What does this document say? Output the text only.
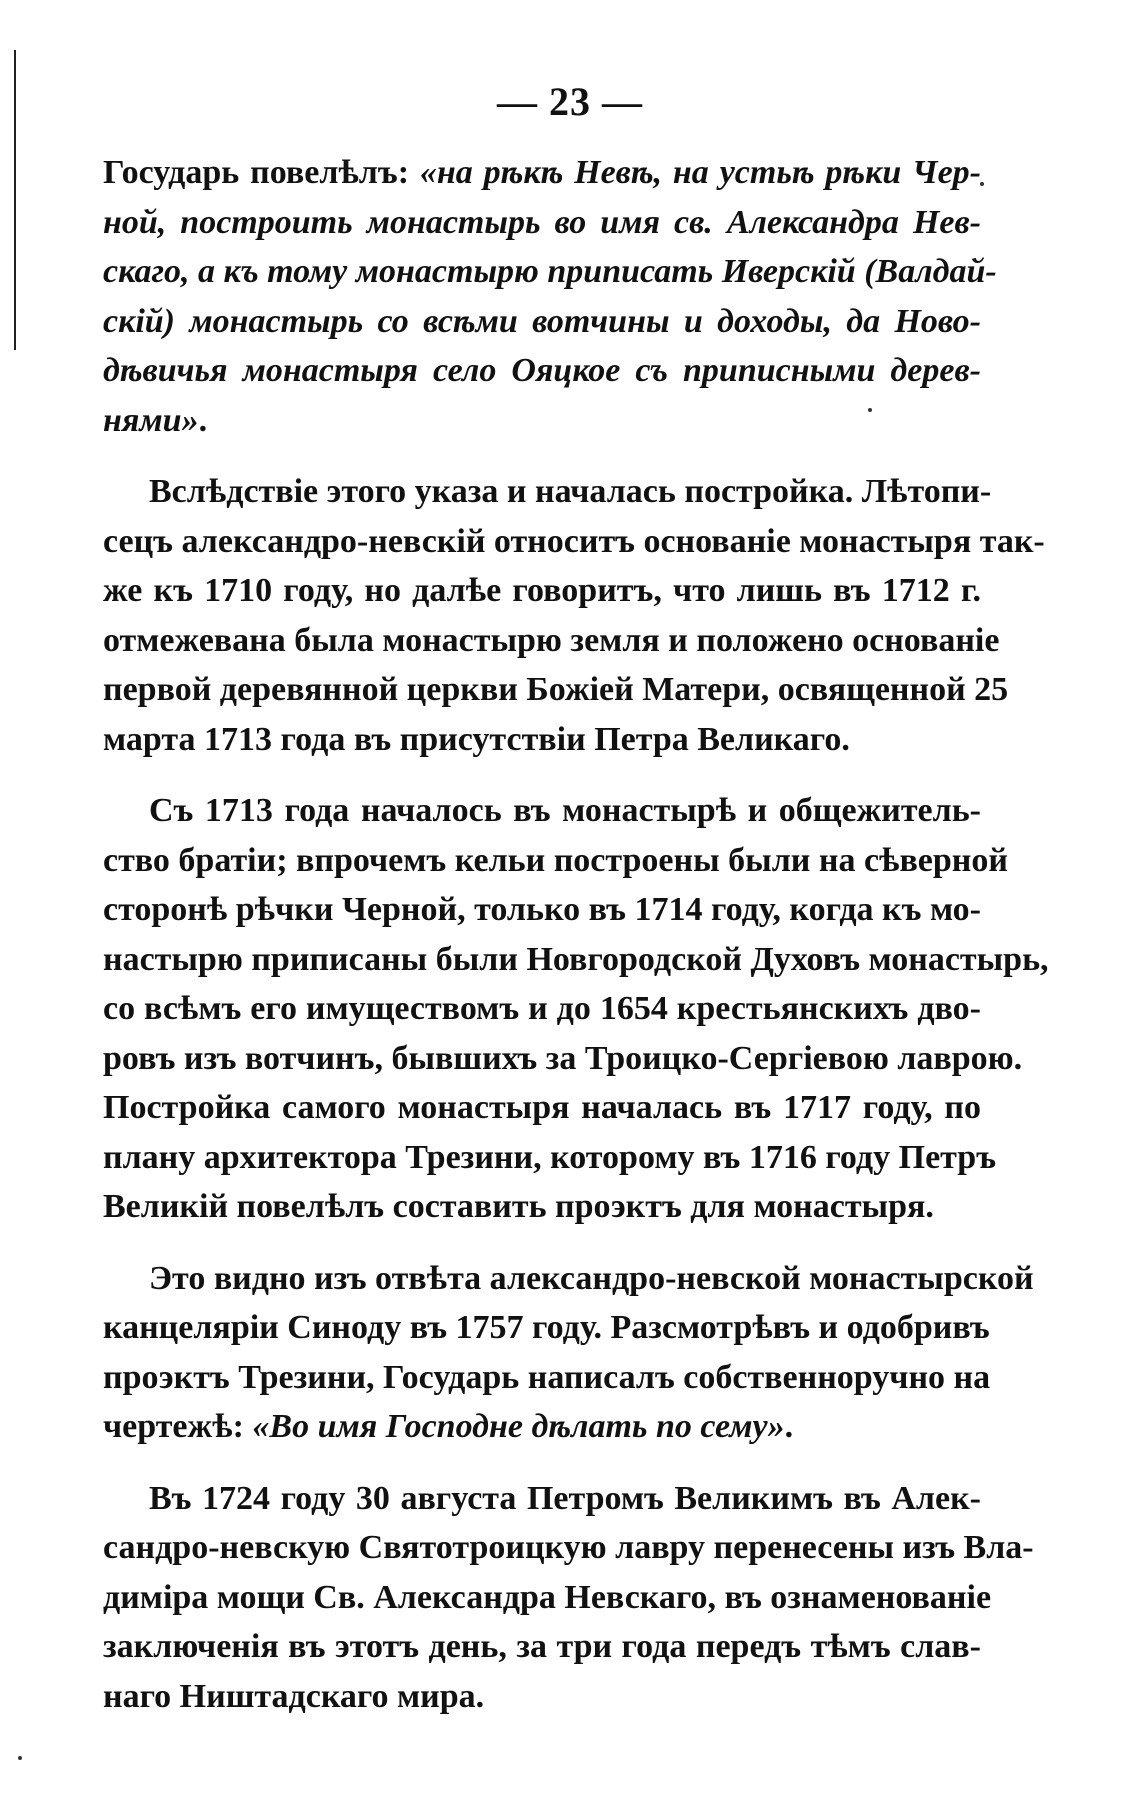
— 23 —

Государь повелѣлъ: «на рѣкѣ Невѣ, на устьѣ рѣки Чер-
ной, построить монастырь во имя св. Александра Нев-
скаго, а къ тому монастырю приписать Иверскій (Валдай-
скій) монастырь со всѣми вотчины и доходы, да Ново-
дѣвичья монастыря село Ояцкое съ приписными дерев-
нями».

Вслѣдствіе этого указа и началась постройка. Лѣтопи-
сецъ александро-невскій относитъ основаніе монастыря так-
же къ 1710 году, но далѣе говоритъ, что лишь въ 1712 г.
отмежевана была монастырю земля и положено основаніе
первой деревянной церкви Божіей Матери, освященной 25
марта 1713 года въ присутствіи Петра Великаго.

Съ 1713 года началось въ монастырѣ и общежитель-
ство братіи; впрочемъ кельи построены были на сѣверной
сторонѣ рѣчки Черной, только въ 1714 году, когда къ мо-
настырю приписаны были Новгородской Духовъ монастырь,
со всѣмъ его имуществомъ и до 1654 крестьянскихъ дво-
ровъ изъ вотчинъ, бывшихъ за Троицко-Сергіевою лаврою.
Постройка самого монастыря началась въ 1717 году, по
плану архитектора Трезини, которому въ 1716 году Петръ
Великій повелѣлъ составить проэктъ для монастыря.

Это видно изъ отвѣта александро-невской монастырской
канцеляріи Синоду въ 1757 году. Разсмотрѣвъ и одобривъ
проэктъ Трезини, Государь написалъ собственноручно на
чертежѣ: «Во имя Господне дѣлать по сему».

Въ 1724 году 30 августа Петромъ Великимъ въ Алек-
сандро-невскую Святотроицкую лавру перенесены изъ Вла-
диміра мощи Св. Александра Невскаго, въ ознаменованіе
заключенія въ этотъ день, за три года передъ тѣмъ слав-
наго Ништадскаго мира.
